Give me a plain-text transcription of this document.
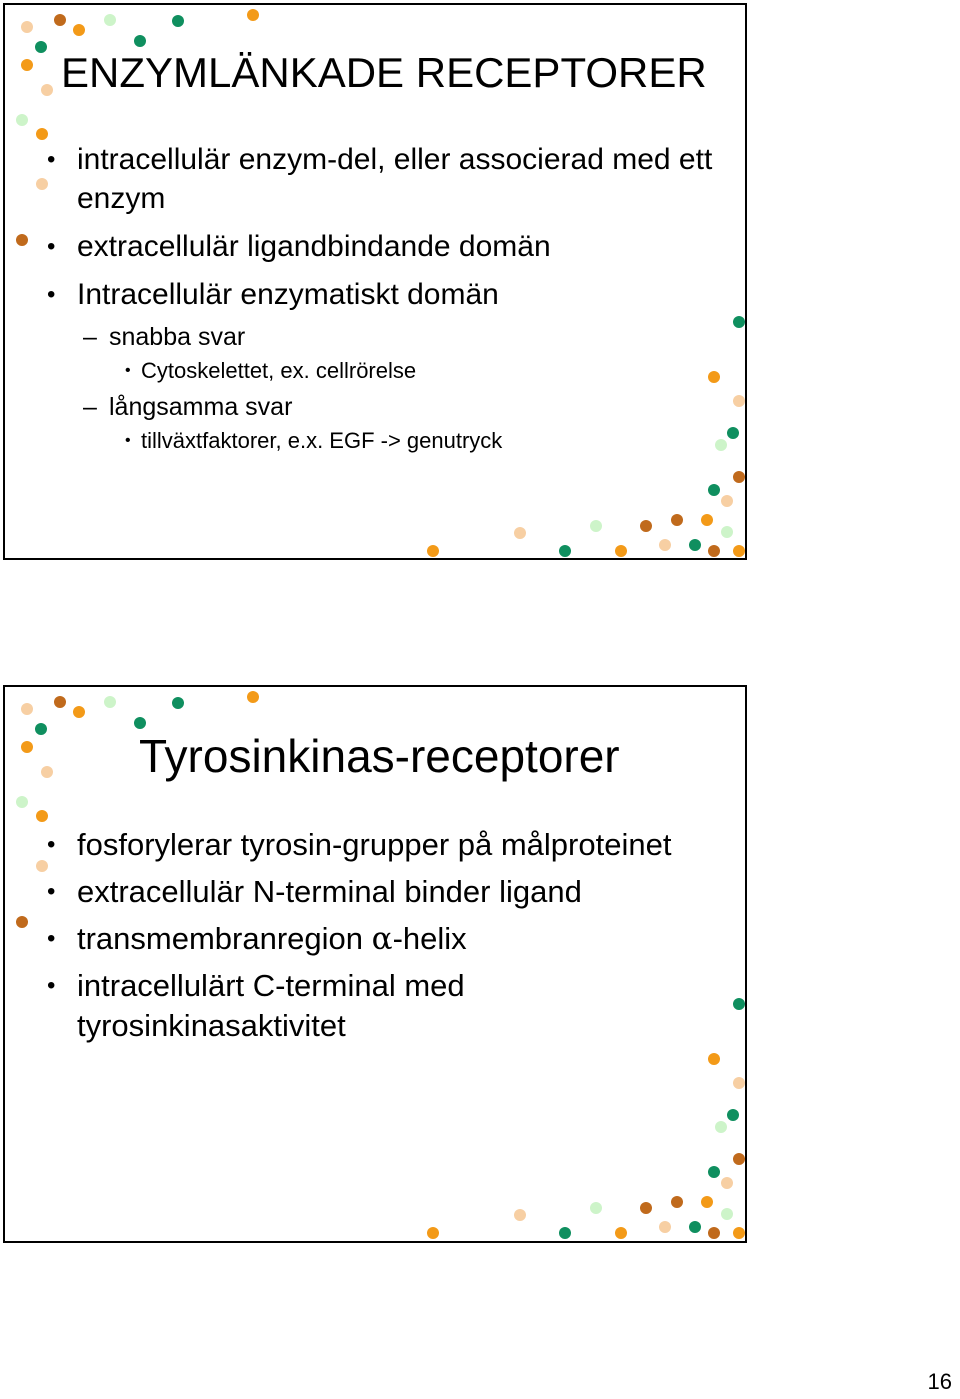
ENZYMLÄNKADE RECEPTORER
• intracellulär enzym-del, eller associerad med ett enzym
• extracellulär ligandbindande domän
• Intracellulär enzymatiskt domän
– snabba svar
• Cytoskelettet, ex. cellrörelse
– långsamma svar
• tillväxtfaktorer, e.x. EGF -> genutryck
Tyrosinkinas-receptorer
• fosforylerar tyrosin-grupper på målproteinet
• extracellulär N-terminal binder ligand
• transmembranregion α-helix
• intracellulärt C-terminal med tyrosinkinasaktivitet
16
